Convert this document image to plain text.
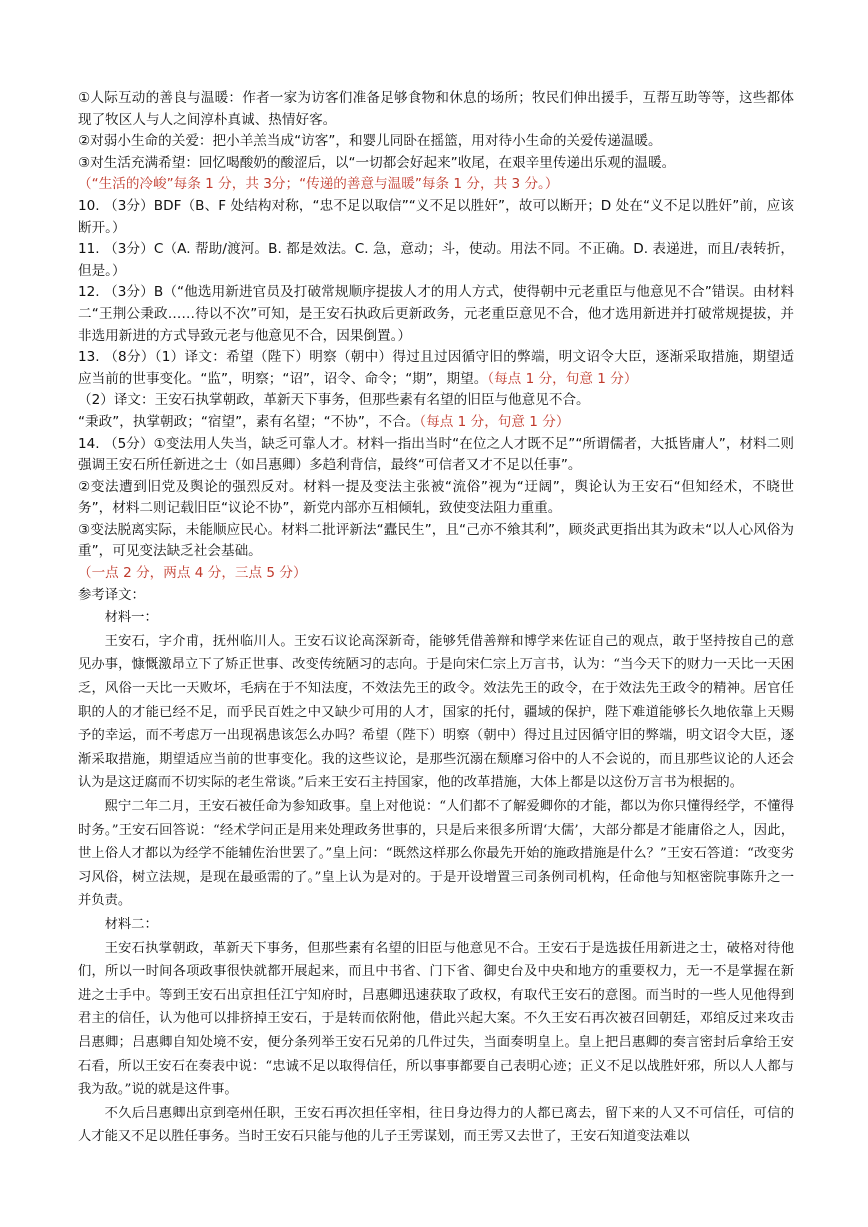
①人际互动的善良与温暖：作者一家为访客们准备足够食物和休息的场所；牧民们伸出援手，互帮互助等等，这些都体现了牧区人与人之间淳朴真诚、热情好客。

②对弱小生命的关爱：把小羊羔当成“访客”，和婴儿同卧在摇篮，用对待小生命的关爱传递温暖。

③对生活充满希望：回忆喝酸奶的酸涩后，以“一切都会好起来”收尾，在艰辛里传递出乐观的温暖。

（“生活的冷峻”每条 1 分，共 3分；“传递的善意与温暖”每条 1 分，共 3 分。）

10. （3分）BDF（B、F 处结构对称，“忠不足以取信”“义不足以胜奸”，故可以断开；D 处在“义不足以胜奸”前，应该断开。）

11. （3分）C（A. 帮助/渡河。B. 都是效法。C. 急，意动；斗，使动。用法不同。不正确。D. 表递进，而且/表转折，但是。）

12. （3分）B（“他选用新进官员及打破常规顺序提拔人才的用人方式，使得朝中元老重臣与他意见不合”错误。由材料二“王荆公秉政……待以不次”可知，是王安石执政后更新政务，元老重臣意见不合，他才选用新进并打破常规提拔，并非选用新进的方式导致元老与他意见不合，因果倒置。）

13. （8分）（1）译文：希望（陛下）明察（朝中）得过且过因循守旧的弊端，明文诏令大臣，逐渐采取措施，期望适应当前的世事变化。“监”，明察；“诏”，诏令、命令；“期”，期望。（每点 1 分，句意 1 分）

（2）译文：王安石执掌朝政，革新天下事务，但那些素有名望的旧臣与他意见不合。

“秉政”，执掌朝政；“宿望”，素有名望；“不协”，不合。（每点 1 分，句意 1 分）

14. （5分）①变法用人失当，缺乏可靠人才。材料一指出当时“在位之人才既不足”“所谓儒者，大抵皆庸人”，材料二则强调王安石所任新进之士（如吕惠卿）多趋利背信，最终“可信者又才不足以任事”。

②变法遭到旧党及舆论的强烈反对。材料一提及变法主张被“流俗”视为“迂阔”，舆论认为王安石“但知经术，不晓世务”，材料二则记载旧臣“议论不协”，新党内部亦互相倾轧，致使变法阻力重重。

③变法脱离实际，未能顺应民心。材料二批评新法“蠹民生”，且“己亦不飨其利”，顾炎武更指出其为政未“以人心风俗为重”，可见变法缺乏社会基础。

（一点 2 分，两点 4 分，三点 5 分）

参考译文：

材料一：

王安石，字介甫，抚州临川人。王安石议论高深新奇，能够凭借善辩和博学来佐证自己的观点，敢于坚持按自己的意见办事，慷慨激昂立下了矫正世事、改变传统陋习的志向。于是向宋仁宗上万言书，认为：“当今天下的财力一天比一天困乏，风俗一天比一天败坏，毛病在于不知法度，不效法先王的政令。效法先王的政令，在于效法先王政令的精神。居官任职的人的才能已经不足，而乎民百姓之中又缺少可用的人才，国家的托付，疆域的保护，陛下难道能够长久地依靠上天赐予的幸运，而不考虑万一出现祸患该怎么办吗？希望（陛下）明察（朝中）得过且过因循守旧的弊端，明文诏令大臣，逐渐采取措施，期望适应当前的世事变化。我的这些议论，是那些沉溺在颓靡习俗中的人不会说的，而且那些议论的人还会认为是这迂腐而不切实际的老生常谈。”后来王安石主持国家，他的改革措施，大体上都是以这份万言书为根据的。

熙宁二年二月，王安石被任命为参知政事。皇上对他说：“人们都不了解爱卿你的才能，都以为你只懂得经学，不懂得时务。”王安石回答说：“经术学问正是用来处理政务世事的，只是后来很多所谓‘大儒’，大部分都是才能庸俗之人，因此，世上俗人才都以为经学不能辅佐治世罢了。”皇上问：“既然这样那么你最先开始的施政措施是什么？”王安石答道：“改变劣习风俗，树立法规，是现在最亟需的了。”皇上认为是对的。于是开设增置三司条例司机构，任命他与知枢密院事陈升之一并负责。

材料二：

王安石执掌朝政，革新天下事务，但那些素有名望的旧臣与他意见不合。王安石于是选拔任用新进之士，破格对待他们，所以一时间各项政事很快就都开展起来，而且中书省、门下省、御史台及中央和地方的重要权力，无一不是掌握在新进之士手中。等到王安石出京担任江宁知府时，吕惠卿迅速获取了政权，有取代王安石的意图。而当时的一些人见他得到君主的信任，认为他可以排挤掉王安石，于是转而依附他，借此兴起大案。不久王安石再次被召回朝廷，邓绾反过来攻击吕惠卿；吕惠卿自知处境不安，便分条列举王安石兄弟的几件过失，当面奏明皇上。皇上把吕惠卿的奏言密封后拿给王安石看，所以王安石在奏表中说：“忠诚不足以取得信任，所以事事都要自己表明心迹；正义不足以战胜奸邪，所以人人都与我为敌。”说的就是这件事。

不久后吕惠卿出京到亳州任职，王安石再次担任宰相，往日身边得力的人都已离去，留下来的人又不可信任，可信的人才能又不足以胜任事务。当时王安石只能与他的儿子王雱谋划，而王雱又去世了，王安石知道变法难以
